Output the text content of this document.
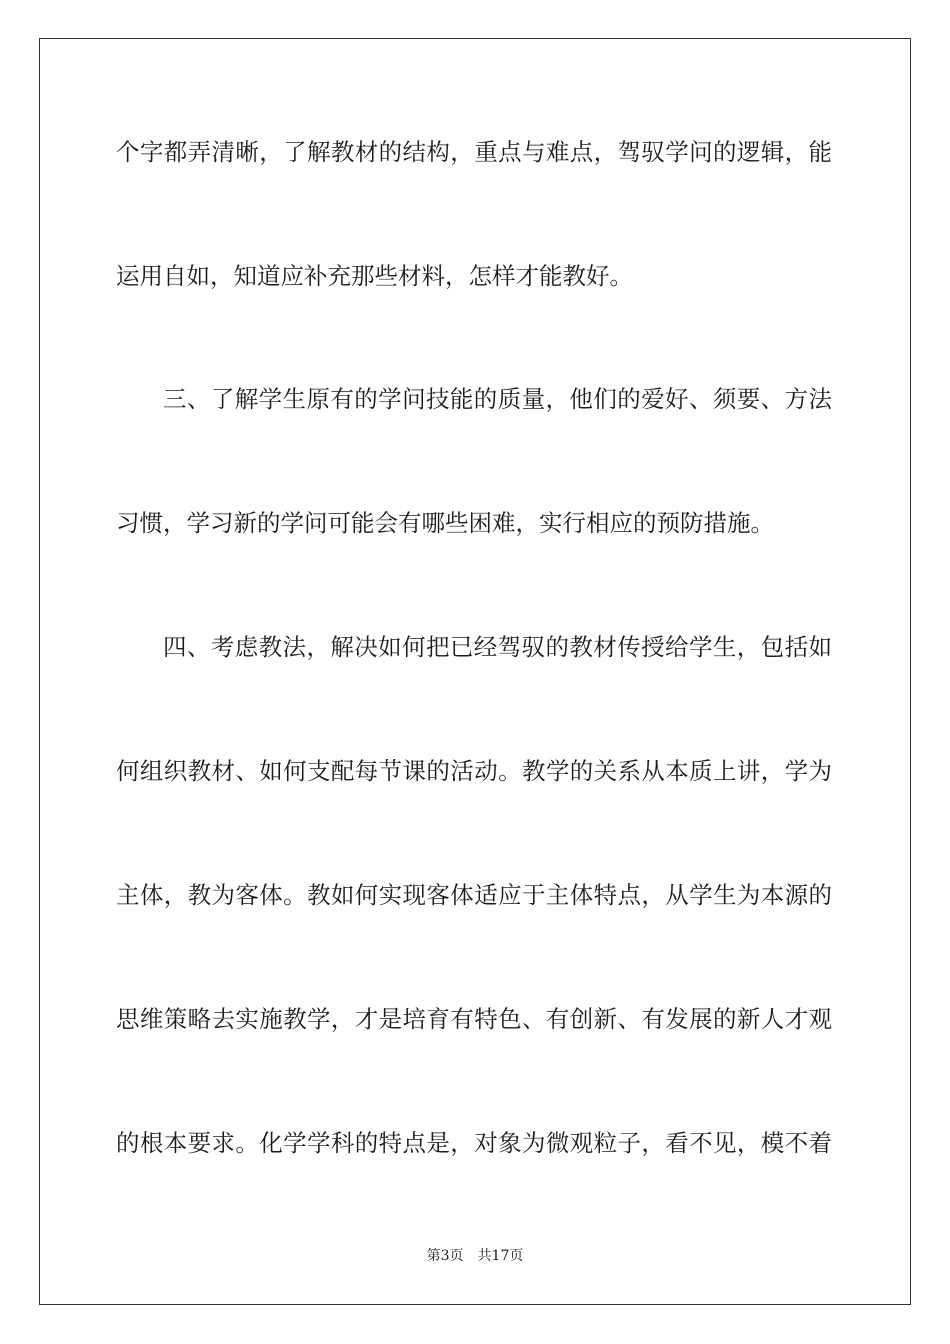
个字都弄清晰，了解教材的结构，重点与难点，驾驭学问的逻辑，能
运用自如，知道应补充那些材料，怎样才能教好。
三、了解学生原有的学问技能的质量，他们的爱好、须要、方法
习惯，学习新的学问可能会有哪些困难，实行相应的预防措施。
四、考虑教法，解决如何把已经驾驭的教材传授给学生，包括如
何组织教材、如何支配每节课的活动。教学的关系从本质上讲，学为
主体，教为客体。教如何实现客体适应于主体特点，从学生为本源的
思维策略去实施教学，才是培育有特色、有创新、有发展的新人才观
的根本要求。化学学科的特点是，对象为微观粒子，看不见，模不着
第3页 共17页
